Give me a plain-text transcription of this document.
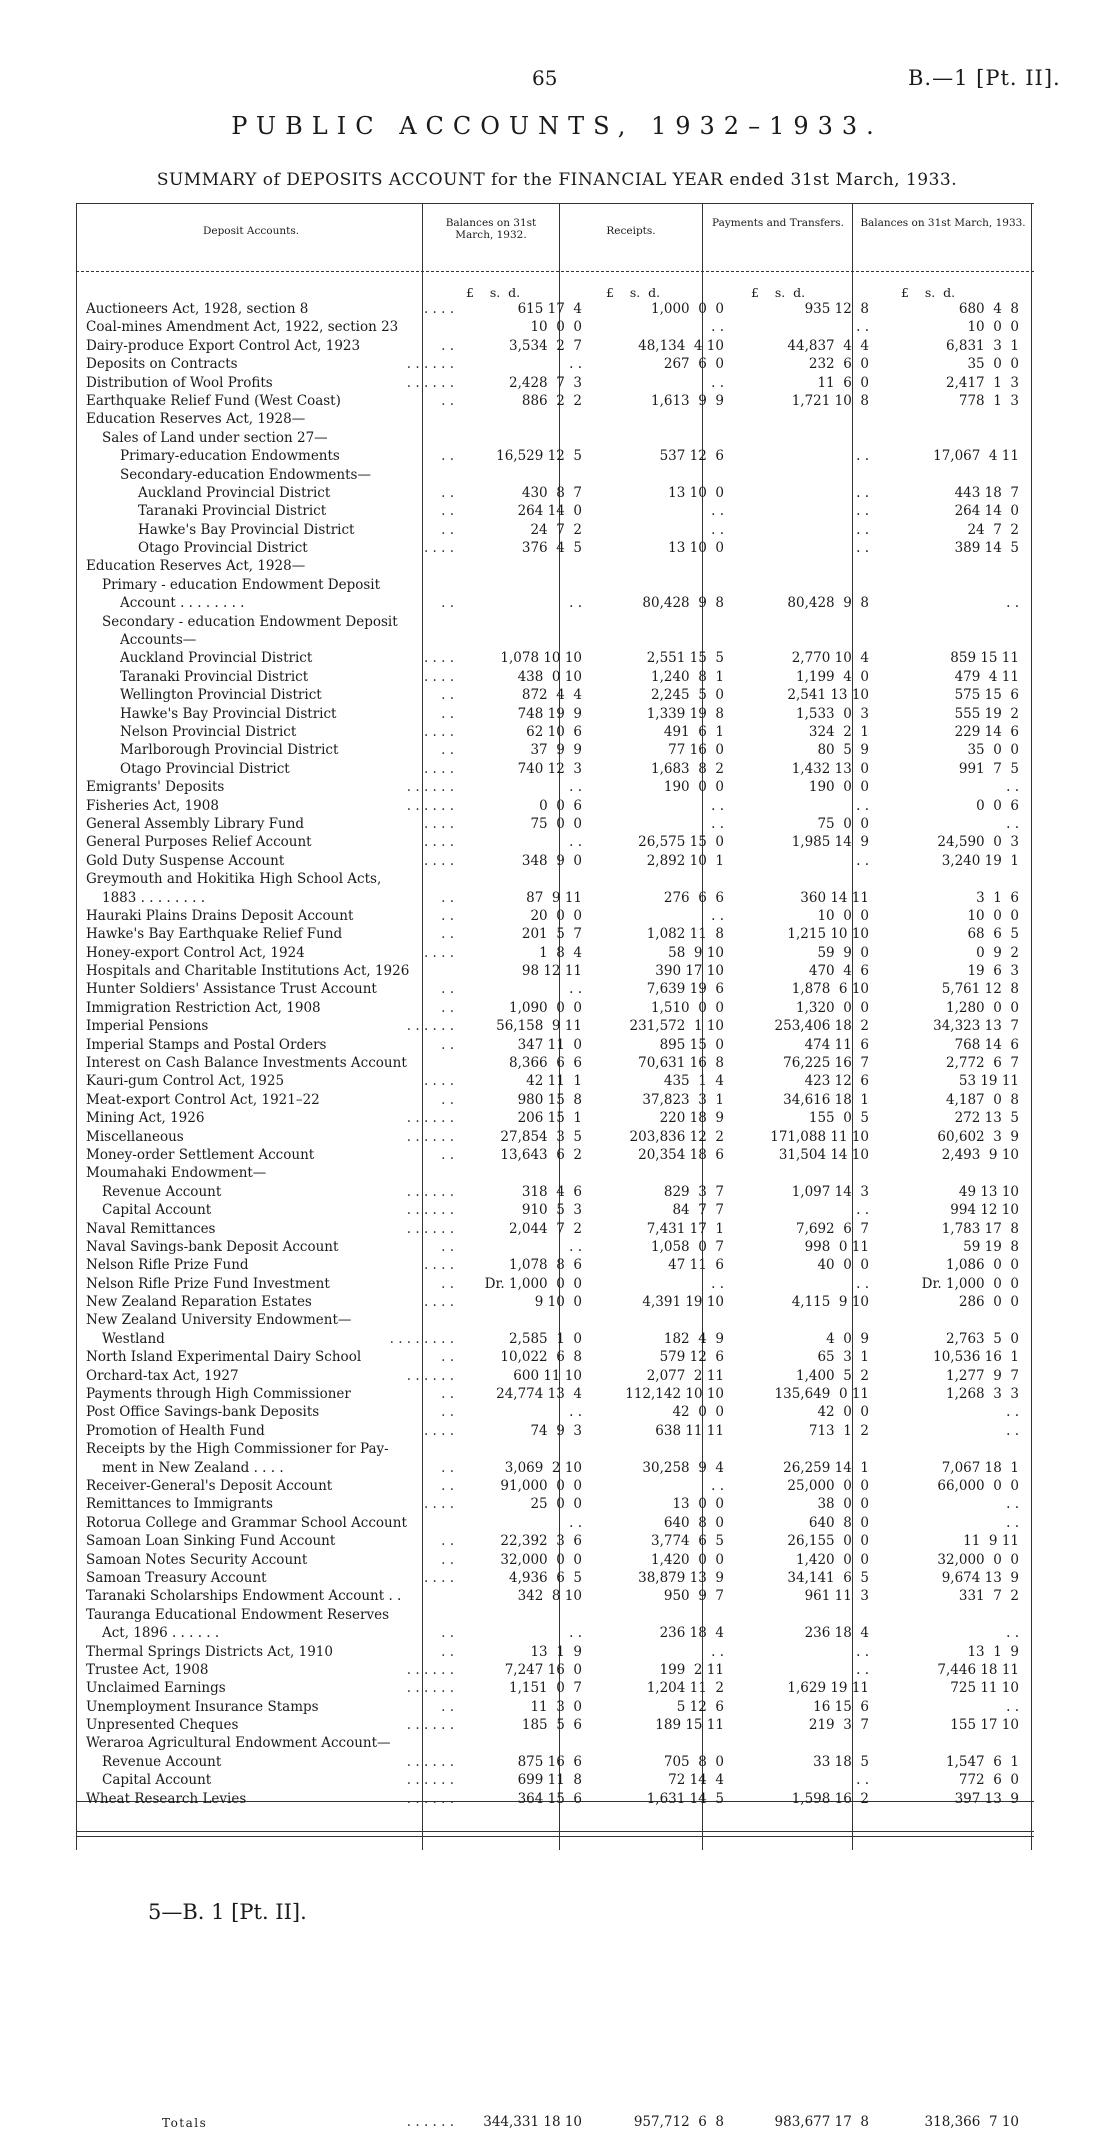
65	B.—1 [Pt. II].
PUBLIC ACCOUNTS, 1932–1933.
SUMMARY of DEPOSITS ACCOUNT for the FINANCIAL YEAR ended 31st March, 1933.
Deposit Accounts.
Balances on 31st March, 1932.	Receipts.
Payments and Transfers.	Balances on 31st March, 1933.
£    s.  d.	£    s.  d.	£    s.  d.	£    s.  d.
Auctioneers Act, 1928, section 8	. . . .	615 17  4	1,000  0  0	935 12  8	680  4  8
Coal-mines Amendment Act, 1922, section 23	10  0  0	. .	. .	10  0  0
Dairy-produce Export Control Act, 1923	. .	3,534  2  7	48,134  4 10	44,837  4  4	6,831  3  1
Deposits on Contracts	. . . . . .	. .	267  6  0	232  6  0	35  0  0
Distribution of Wool Profits	. . . . . .	2,428  7  3	. .	11  6  0	2,417  1  3
Earthquake Relief Fund (West Coast)	. .	886  2  2	1,613  9  9	1,721 10  8	778  1  3
Education Reserves Act, 1928—
Sales of Land under section 27—
Primary-education Endowments	. .	16,529 12  5	537 12  6	. .	17,067  4 11
Secondary-education Endowments—
Auckland Provincial District	. .	430  8  7	13 10  0	. .	443 18  7
Taranaki Provincial District	. .	264 14  0	. .	. .	264 14  0
Hawke's Bay Provincial District	. .	24  7  2	. .	. .	24  7  2
Otago Provincial District	. . . .	376  4  5	13 10  0	. .	389 14  5
Education Reserves Act, 1928—
Primary - education Endowment Deposit
Account . . . . . . . .	. .	. .	80,428  9  8	80,428  9  8	. .
Secondary - education Endowment Deposit
Accounts—
Auckland Provincial District	. . . .	1,078 10 10	2,551 15  5	2,770 10  4	859 15 11
Taranaki Provincial District	. . . .	438  0 10	1,240  8  1	1,199  4  0	479  4 11
Wellington Provincial District	. .	872  4  4	2,245  5  0	2,541 13 10	575 15  6
Hawke's Bay Provincial District	. .	748 19  9	1,339 19  8	1,533  0  3	555 19  2
Nelson Provincial District	. . . .	62 10  6	491  6  1	324  2  1	229 14  6
Marlborough Provincial District	. .	37  9  9	77 16  0	80  5  9	35  0  0
Otago Provincial District	. . . .	740 12  3	1,683  8  2	1,432 13  0	991  7  5
Emigrants' Deposits	. . . . . .	. .	190  0  0	190  0  0	. .
Fisheries Act, 1908	. . . . . .	0  0  6	. .	. .	0  0  6
General Assembly Library Fund	. . . .	75  0  0	. .	75  0  0	. .
General Purposes Relief Account	. . . .	. .	26,575 15  0	1,985 14  9	24,590  0  3
Gold Duty Suspense Account	. . . .	348  9  0	2,892 10  1	. .	3,240 19  1
Greymouth and Hokitika High School Acts,
1883 . . . . . . . .	. .	87  9 11	276  6  6	360 14 11	3  1  6
Hauraki Plains Drains Deposit Account	. .	20  0  0	. .	10  0  0	10  0  0
Hawke's Bay Earthquake Relief Fund	. .	201  5  7	1,082 11  8	1,215 10 10	68  6  5
Honey-export Control Act, 1924	. . . .	1  8  4	58  9 10	59  9  0	0  9  2
Hospitals and Charitable Institutions Act, 1926	98 12 11	390 17 10	470  4  6	19  6  3
Hunter Soldiers' Assistance Trust Account	. .	. .	7,639 19  6	1,878  6 10	5,761 12  8
Immigration Restriction Act, 1908	. .	1,090  0  0	1,510  0  0	1,320  0  0	1,280  0  0
Imperial Pensions	. . . . . .	56,158  9 11	231,572  1 10	253,406 18  2	34,323 13  7
Imperial Stamps and Postal Orders	. .	347 11  0	895 15  0	474 11  6	768 14  6
Interest on Cash Balance Investments Account	8,366  6  6	70,631 16  8	76,225 16  7	2,772  6  7
Kauri-gum Control Act, 1925	. . . .	42 11  1	435  1  4	423 12  6	53 19 11
Meat-export Control Act, 1921–22	. .	980 15  8	37,823  3  1	34,616 18  1	4,187  0  8
Mining Act, 1926	. . . . . .	206 15  1	220 18  9	155  0  5	272 13  5
Miscellaneous	. . . . . .	27,854  3  5	203,836 12  2	171,088 11 10	60,602  3  9
Money-order Settlement Account	. .	13,643  6  2	20,354 18  6	31,504 14 10	2,493  9 10
Moumahaki Endowment—
Revenue Account	. . . . . .	318  4  6	829  3  7	1,097 14  3	49 13 10
Capital Account	. . . . . .	910  5  3	84  7  7	. .	994 12 10
Naval Remittances	. . . . . .	2,044  7  2	7,431 17  1	7,692  6  7	1,783 17  8
Naval Savings-bank Deposit Account	. .	. .	1,058  0  7	998  0 11	59 19  8
Nelson Rifle Prize Fund	. . . .	1,078  8  6	47 11  6	40  0  0	1,086  0  0
Nelson Rifle Prize Fund Investment	. .	Dr. 1,000  0  0	. .	. .	Dr. 1,000  0  0
New Zealand Reparation Estates	. . . .	9 10  0	4,391 19 10	4,115  9 10	286  0  0
New Zealand University Endowment—
Westland	. . . . . . . .	2,585  1  0	182  4  9	4  0  9	2,763  5  0
North Island Experimental Dairy School	. .	10,022  6  8	579 12  6	65  3  1	10,536 16  1
Orchard-tax Act, 1927	. . . . . .	600 11 10	2,077  2 11	1,400  5  2	1,277  9  7
Payments through High Commissioner	. .	24,774 13  4	112,142 10 10	135,649  0 11	1,268  3  3
Post Office Savings-bank Deposits	. .	. .	42  0  0	42  0  0	. .
Promotion of Health Fund	. . . .	74  9  3	638 11 11	713  1  2	. .
Receipts by the High Commissioner for Pay-
ment in New Zealand . . . .	. .	3,069  2 10	30,258  9  4	26,259 14  1	7,067 18  1
Receiver-General's Deposit Account	. .	91,000  0  0	. .	25,000  0  0	66,000  0  0
Remittances to Immigrants	. . . .	25  0  0	13  0  0	38  0  0	. .
Rotorua College and Grammar School Account	. .	640  8  0	640  8  0	. .
Samoan Loan Sinking Fund Account	. .	22,392  3  6	3,774  6  5	26,155  0  0	11  9 11
Samoan Notes Security Account	. .	32,000  0  0	1,420  0  0	1,420  0  0	32,000  0  0
Samoan Treasury Account	. . . .	4,936  6  5	38,879 13  9	34,141  6  5	9,674 13  9
Taranaki Scholarships Endowment Account . .	342  8 10	950  9  7	961 11  3	331  7  2
Tauranga Educational Endowment Reserves
Act, 1896 . . . . . .	. .	. .	236 18  4	236 18  4	. .
Thermal Springs Districts Act, 1910	. .	13  1  9	. .	. .	13  1  9
Trustee Act, 1908	. . . . . .	7,247 16  0	199  2 11	. .	7,446 18 11
Unclaimed Earnings	. . . . . .	1,151  0  7	1,204 11  2	1,629 19 11	725 11 10
Unemployment Insurance Stamps	. .	11  3  0	5 12  6	16 15  6	. .
Unpresented Cheques	. . . . . .	185  5  6	189 15 11	219  3  7	155 17 10
Weraroa Agricultural Endowment Account—
Revenue Account	. . . . . .	875 16  6	705  8  0	33 18  5	1,547  6  1
Capital Account	. . . . . .	699 11  8	72 14  4	. .	772  6  0
Wheat Research Levies	. . . . . .	364 15  6	1,631 14  5	1,598 16  2	397 13  9
Totals	. . . . . .	344,331 18 10	957,712  6  8	983,677 17  8	318,366  7 10
5—B. 1 [Pt. II].
